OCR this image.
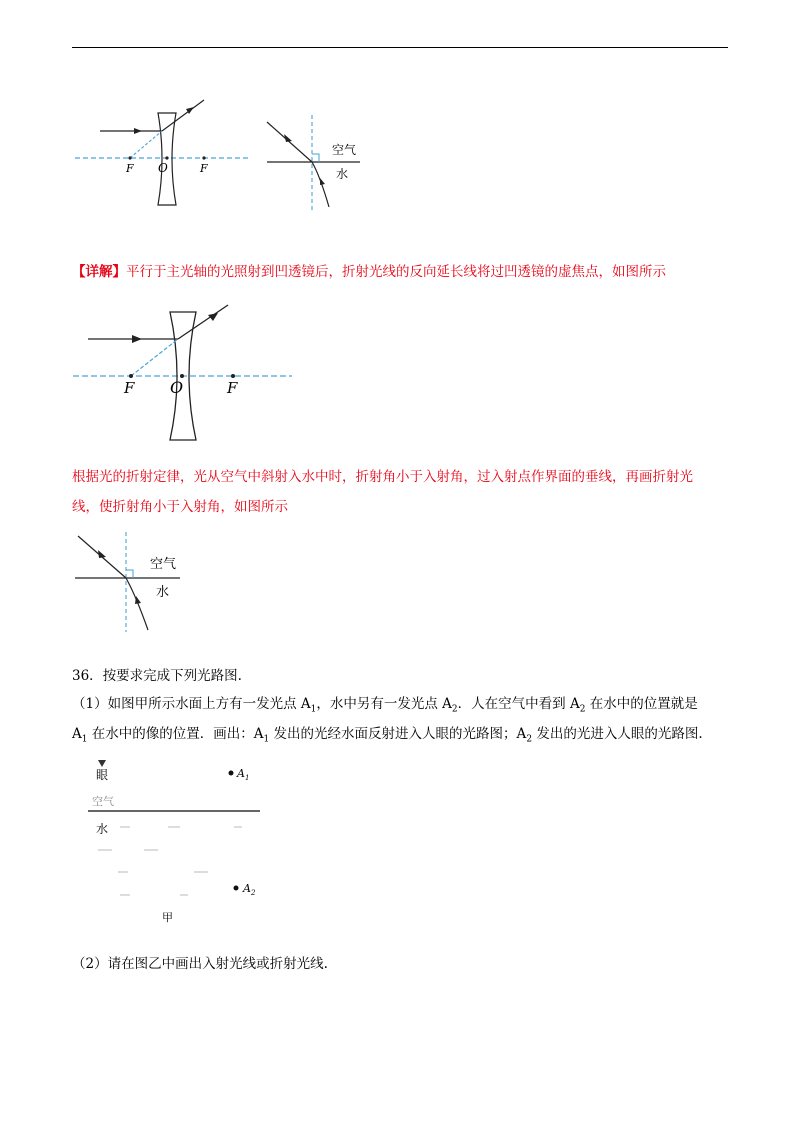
F O	F
空气
水
【详解】平行于主光轴的光照射到凹透镜后，折射光线的反向延长线将过凹透镜的虚焦点，如图所示
F O	F
根据光的折射定律，光从空气中斜射入水中时，折射角小于入射角，过入射点作界面的垂线，再画折射光
线，使折射角小于入射角，如图所示
空气
水
36．按要求完成下列光路图.
（1）如图甲所示水面上方有一发光点 $A_1$，水中另有一发光点 $A_2$．人在空气中看到 $A_2$ 在水中的位置就是
$A_1$ 在水中的像的位置．画出：$A_1$ 发出的光经水面反射进入人眼的光路图；$A_2$ 发出的光进入人眼的光路图.
眼	$A_1$
空气
水
$A_2$
甲
（2）请在图乙中画出入射光线或折射光线.
